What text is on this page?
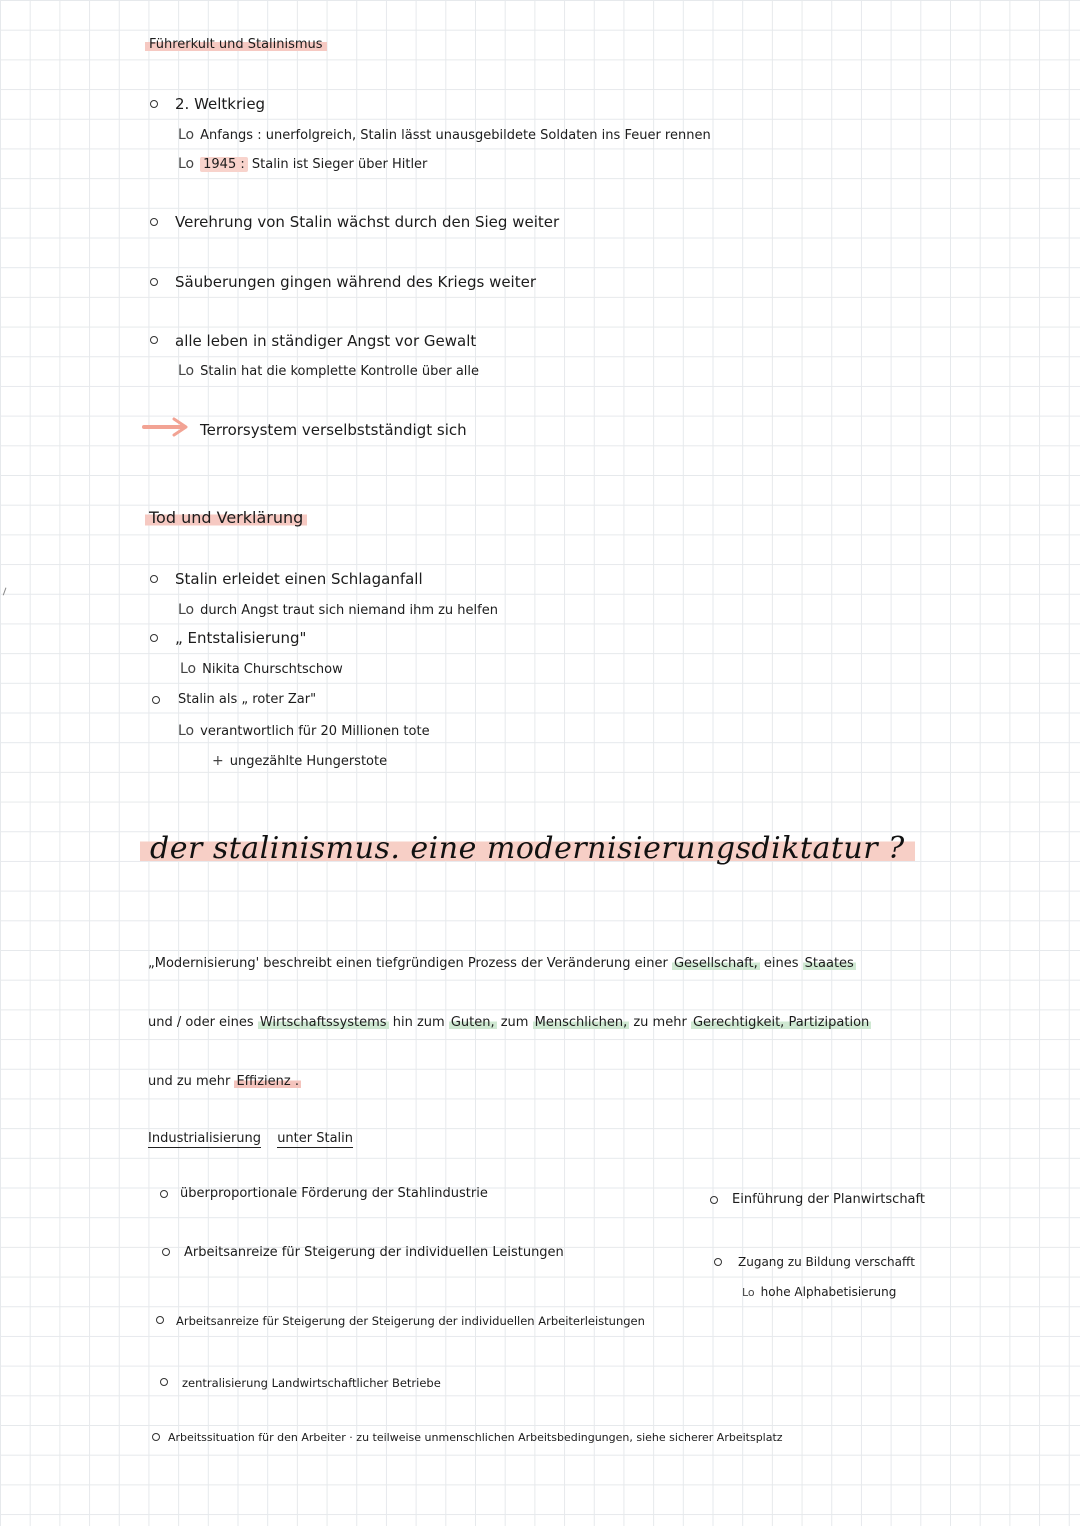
Führerkult und Stalinismus
2. Weltkrieg
Lo Anfangs : unerfolgreich, Stalin lässt unausgebildete Soldaten ins Feuer rennen
Lo 1945 : Stalin ist Sieger über Hitler
Verehrung von Stalin wächst durch den Sieg weiter
Säuberungen gingen während des Kriegs weiter
alle leben in ständiger Angst vor Gewalt
Lo Stalin hat die komplette Kontrolle über alle
Terrorsystem verselbstständigt sich
Tod und Verklärung
Stalin erleidet einen Schlaganfall
Lo durch Angst traut sich niemand ihm zu helfen
„ Entstalisierung"
Lo Nikita Churschtschow
Stalin als „ roter Zar"
Lo verantwortlich für 20 Millionen tote
+ ungezählte Hungerstote
der stalinismus. eine modernisierungsdiktatur ?
„Modernisierung' beschreibt einen tiefgründigen Prozess der Veränderung einer Gesellschaft, eines Staates
und / oder eines Wirtschaftssystems hin zum Guten, zum Menschlichen, zu mehr Gerechtigkeit, Partizipation
und zu mehr Effizienz .
Industrialisierung unter Stalin
überproportionale Förderung der Stahlindustrie
Arbeitsanreize für Steigerung der individuellen Leistungen
Arbeitsanreize für Steigerung der Steigerung der individuellen Arbeiterleistungen
zentralisierung Landwirtschaftlicher Betriebe
Arbeitssituation für den Arbeiter · zu teilweise unmenschlichen Arbeitsbedingungen, siehe sicherer Arbeitsplatz
Einführung der Planwirtschaft
Zugang zu Bildung verschafft
Lo hohe Alphabetisierung
